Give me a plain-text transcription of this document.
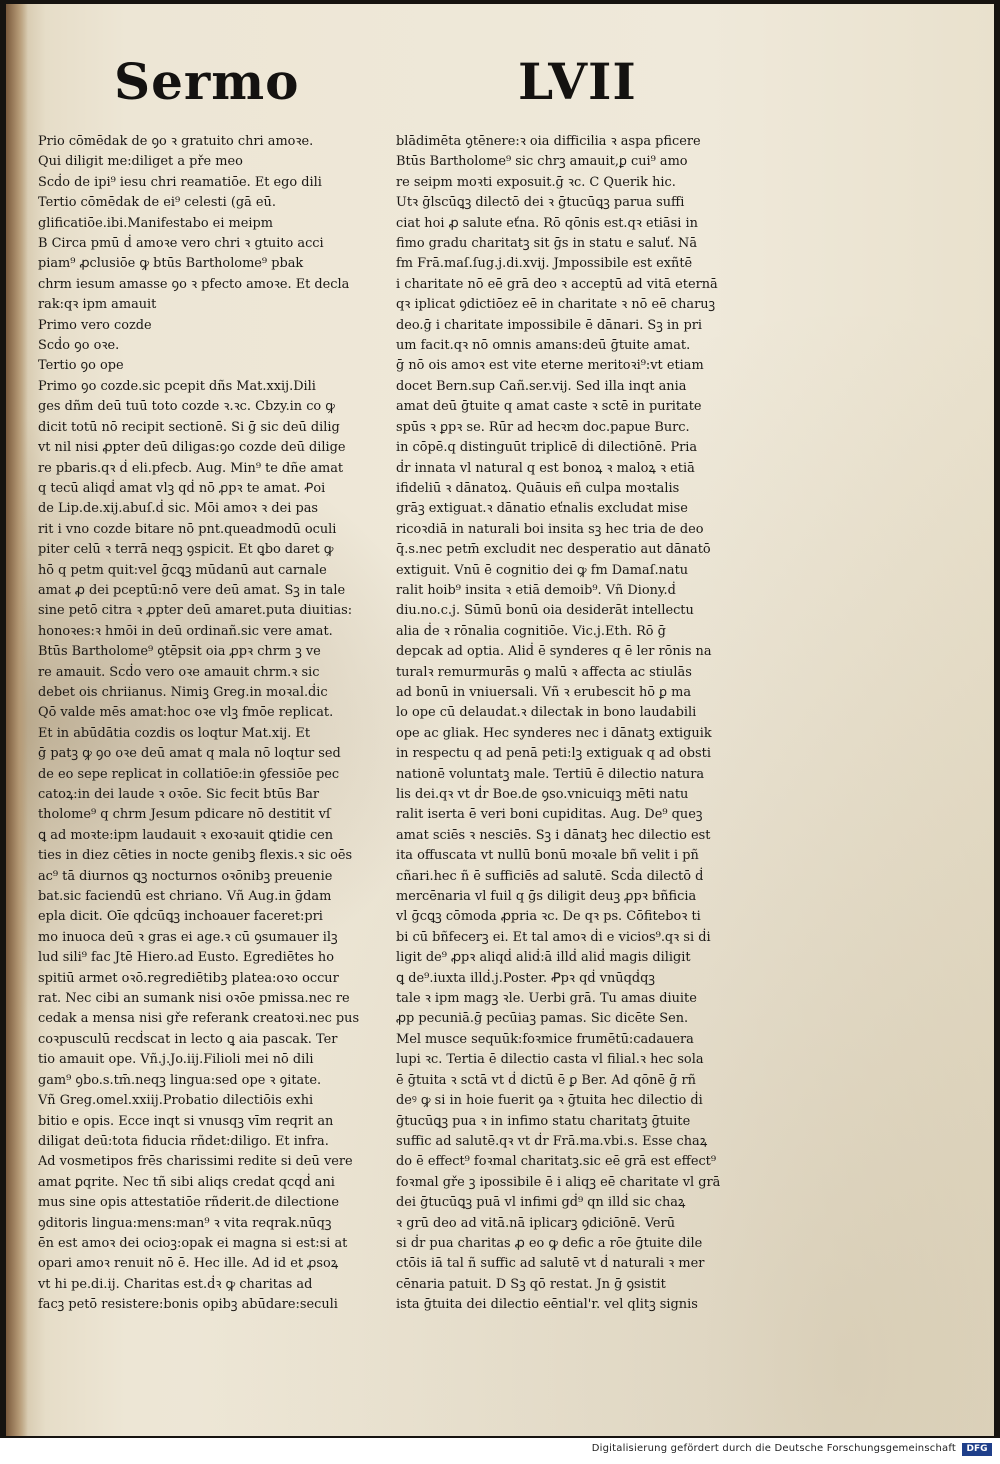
Sermo	LVII
Prio cōmēdak de ꝯo ꝛ gratuito chri amoꝛe.
Qui diligit me:diliget a pře meo
Scḋo de ipi⁹ iesu chri reamatiōe. Et ego dili
Tertio cōmēdak de ei⁹ celesti (gā eū.
glificatiōe.ibi.Manifestabo ei meipm
B Circa pmū ḋ amoꝛe vero chri ꝛ gtuito acci
piam⁹ ꝓclusiōe ꝙ btūs Bartholome⁹ pbak
chrm iesum amasse ꝯo ꝛ pfecto amoꝛe. Et decla
rak:qꝛ ipm amauit
Primo vero cozde
Scḋo ꝯo oꝛe.
Tertio ꝯo ope
Primo ꝯo cozde.sic pcepit dñs Mat.xxij.Dili
ges dñm deū tuū toto cozde ꝛ.ꝛc. Cbzy.in co ꝙ
dicit totū nō recipit sectionē. Si ḡ sic deū dilig
vt nil nisi ꝓpter deū diligas:ꝯo cozde deū dilige
re pbaris.qꝛ ḋ eli.pfecb. Aug. Min⁹ te dñe amat
q tecū aliqḋ amat vlꝫ qḋ nō ꝓpꝛ te amat. Ꝓoi
de Lip.de.xij.abuſ.ḋ sic. Mōi amoꝛ ꝛ dei pas
rit i vno cozde bitare nō pnt.queadmodū oculi
piter celū ꝛ terrā neqꝫ ꝯspicit. Et ꝗbo daret ꝙ
hō q petm quit:vel ḡcꝗꝫ mūdanū aut carnale
amat ꝓ dei pceptū:nō vere deū amat. Sꝫ in tale
sine petō citra ꝛ ꝓpter deū amaret.puta diuitias:
honoꝛes:ꝛ hmōi in deū ordinañ.sic vere amat.
Btūs Bartholome⁹ ꝯtēpsit oia ꝓpꝛ chrm ꝫ ve
re amauit. Scḋo vero oꝛe amauit chrm.ꝛ sic
debet ois chriianus. Nimiꝫ Greg.in moꝛal.ḋic
Qō valde mēs amat:hoc oꝛe vlꝫ fmōe replicat.
Et in abūdātia cozdis os loqtur Mat.xij. Et
ḡ patꝫ ꝙ ꝯo oꝛe deū amat q mala nō loqtur sed
de eo sepe replicat in collatiōe:in ꝯfessiōe pec
catoꝝ:in dei laude ꝛ oꝛōe. Sic fecit btūs Bar
tholome⁹ q chrm Jesum pdicare nō destitit vſ
ꝗ ad moꝛte:ipm laudauit ꝛ exoꝛauit ꝗtidie cen
ties in diez cēties in nocte genibꝫ flexis.ꝛ sic oēs
ac⁹ tā diurnos ꝗꝫ nocturnos oꝛōnibꝫ preuenie
bat.sic faciendū est chriano. Vñ Aug.in ḡdam
epla dicit. Oīe qḋcūꝗꝫ inchoauer faceret:pri
mo inuoca deū ꝛ gras ei age.ꝛ cū ꝯsumauer ilꝫ
lud sili⁹ fac Jtē Hiero.ad Eusto. Egrediētes ho
spitiū armet oꝛō.regrediētibꝫ platea:oꝛo occur
rat. Nec cibi an sumank nisi oꝛōe pmissa.nec re
cedak a mensa nisi gře referank creatoꝛi.nec pus
coꝛpusculū recḋscat in lecto ꝗ aia pascak. Ter
tio amauit ope. Vñ.j.Jo.iij.Filioli mei nō dili
gam⁹ ꝯbo.s.tm̄.neqꝫ lingua:sed ope ꝛ ꝯitate.
Vñ Greg.omel.xxiij.Probatio dilectiōis exhi
bitio e opis. Ecce inqt si vnusqꝫ vīm reqrit an
diligat deū:tota fiducia rñdet:diligo. Et infra.
Ad vosmetipos frēs charissimi redite si deū vere
amat ꝑqrite. Nec tñ sibi aliqs credat qcqḋ ani
mus sine opis attestatiōe rñderit.de dilectione
ꝯditoris lingua:mens:man⁹ ꝛ vita reqrak.nūqꝫ
ēn est amoꝛ dei ocioꝫ:opak ei magna si est:si at
opari amoꝛ renuit nō ē. Hec ille. Ad id et ꝓsoꝝ
vt hi pe.di.ij. Charitas est.ḋꝛ ꝙ charitas ad
facꝫ petō resistere:bonis opibꝫ abūdare:seculi
blādimēta ꝯtēnere:ꝛ oia difficilia ꝛ aspa pficere
Btūs Bartholome⁹ sic chrꝫ amauit,ꝑ cui⁹ amo
re seipm moꝛti exposuit.ḡ ꝛc. C Querik hic.
Utꝛ ḡlscūꝗꝫ dilectō dei ꝛ ḡtucūꝗꝫ parua suffi
ciat hoi ꝓ salute eťna. Rō qōnis est.qꝛ etiāsi in
fimo gradu charitatꝫ sit ḡs in statu e saluť. Nā
fm Frā.maſ.ſug.j.di.xvij. Jmpossibile est exñtē
i charitate nō eē grā deo ꝛ acceptū ad vitā eternā
qꝛ iplicat ꝯdictiōez eē in charitate ꝛ nō eē charuꝫ
deo.ḡ i charitate impossibile ē dānari. Sꝫ in pri
um facit.qꝛ nō omnis amans:deū ḡtuite amat.
ḡ nō ois amoꝛ est vite eterne meritoꝛi⁹:vt etiam
docet Bern.sup Cañ.ser.vij. Sed illa inqt ania
amat deū ḡtuite q amat caste ꝛ sctē in puritate
spūs ꝛ ꝑpꝛ se. Rūr ad hecꝛm doc.papue Burc.
in cōpē.q distinguūt triplicē ḋi dilectiōnē. Pria
ḋr innata vl natural q est bonoꝝ ꝛ maloꝝ ꝛ etiā
ifideliū ꝛ dānatoꝝ. Quāuis eñ culpa moꝛtalis
grāꝫ extiguat.ꝛ dānatio eťnalis excludat mise
ricoꝛdiā in naturali boi insita sꝫ hec tria de deo
q̄.s.nec petm̄ excludit nec desperatio aut dānatō
extiguit. Vnū ē cognitio dei ꝙ fm Damaſ.natu
ralit hoib⁹ insita ꝛ etiā demoib⁹. Vñ Diony.ḋ
diu.no.c.j. Sūmū bonū oia desiderāt intellectu
alia ḋe ꝛ rōnalia cognitiōe. Vic.j.Eth. Rō ḡ
depcak ad optia. Aliḋ ē synderes q ē ler rōnis na
turalꝛ remurmurās ꝯ malū ꝛ affecta ac stiulās
ad bonū in vniuersali. Vñ ꝛ erubescit hō ꝑ ma
lo ope cū delaudat.ꝛ dilectak in bono laudabili
ope ac gliak. Hec synderes nec i dānatꝫ extiguik
in respectu q ad penā peti:lꝫ extiguak q ad obsti
nationē voluntatꝫ male. Tertiū ē dilectio natura
lis dei.qꝛ vt ḋr Boe.de ꝯso.vnicuiqꝫ mēti natu
ralit iserta ē veri boni cupiditas. Aug. De⁹ queꝫ
amat sciēs ꝛ nesciēs. Sꝫ i dānatꝫ hec dilectio est
ita offuscata vt nullū bonū moꝛale bñ velit i pñ
cñari.hec ñ ē sufficiēs ad salutē. Scḋa dilectō ḋ
mercēnaria vl fuil q ḡs diligit deuꝫ ꝓpꝛ bñficia
vl ḡcꝗꝫ cōmoda ꝓpria ꝛc. De qꝛ ps. Cōfiteboꝛ ti
bi cū bñfecerꝫ ei. Et tal amoꝛ ḋi e vicios⁹.qꝛ si ḋi
ligit de⁹ ꝓpꝛ aliqḋ aliḋ:ā illḋ aliḋ magis diligit
ꝗ de⁹.iuxta illḋ.j.Poster. Ꝓpꝛ qḋ vnūqḋqꝫ
tale ꝛ ipm magꝫ ꝛle. Uerbi grā. Tu amas diuite
ꝓp pecuniā.ḡ pecūiaꝫ pamas. Sic dicēte Sen.
Mel musce sequūk:foꝛmice frumētū:cadauera
lupi ꝛc. Tertia ē dilectio casta vl filial.ꝛ hec sola
ē ḡtuita ꝛ sctā vt ḋ dictū ē ꝑ Ber. Ad qōnē ḡ rñ
deꝰ ꝙ si in hoie fuerit ꝯa ꝛ ḡtuita hec dilectio ḋi
ḡtucūꝗꝫ pua ꝛ in infimo statu charitatꝫ ḡtuite
suffic ad salutē.qꝛ vt ḋr Frā.ma.vbi.s. Esse chaꝝ
do ē effect⁹ foꝛmal charitatꝫ.sic eē grā est effect⁹
foꝛmal gře ꝫ ipossibile ē i aliqꝫ eē charitate vl grā
dei ḡtucūꝗꝫ puā vl infimi gḋ⁹ qn illḋ sic chaꝝ
ꝛ grū deo ad vitā.nā iplicarꝫ ꝯdiciōnē. Verū
si ḋr pua charitas ꝓ eo ꝙ defic a rōe ḡtuite dile
ctōis iā tal ñ suffic ad salutē vt ḋ naturali ꝛ mer
cēnaria patuit. D Sꝫ qō restat. Jn ḡ ꝯsistit
ista ḡtuita dei dilectio eēntial'r. vel qlitꝫ signis
Digitalisierung gefördert durch die Deutsche Forschungsgemeinschaft	DFG
